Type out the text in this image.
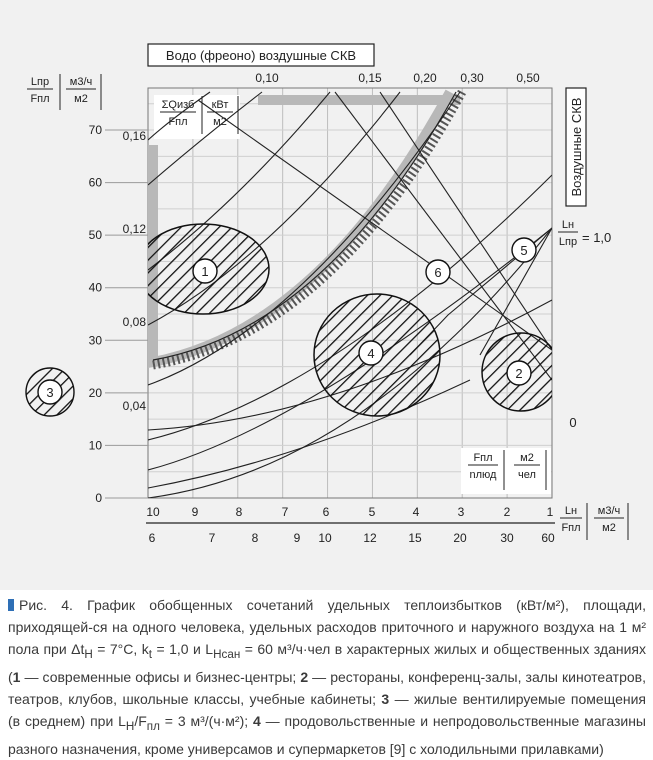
Водо (фреоно) воздушные СКВ
Воздушные СКВ
0,10	0,15	0,20 0,30	0,50
0
10
20
30
40
50
60
70
0,04
0,08
0,12
0,16
Lпр
Fпл
м3/ч
м2	ΣQизб
Fпл
кВт
м2
10	9	8	7	6	5	4	3	2	1
6	7	8	9 10	12	15	20	30 60
Lн
Fпл
м3/ч
м2
Fпл
nлюд
м2
чел
Lн
Lпр = 1,0
1
4
2
6
5
3
0
Рис. 4. График обобщенных сочетаний удельных теплоизбытков (кВт/м²), площади, приходящей-ся на одного человека, удельных расходов приточного и наружного воздуха на 1 м² пола при $\Delta t_Н = 7^\circ С$, $k_t = 1,0$ и $L_{Нсан} = 60$ м³/ч·чел в характерных жилых и общественных зданиях (1 — современные офисы и бизнес-центры; 2 — рестораны, конференц-залы, залы кинотеатров, театров, клубов, школьные классы, учебные кабинеты; 3 — жилые вентилируемые помещения (в среднем) при $L_Н/F_{пл} = 3$ м³/(ч·м²); 4 — продовольственные и непродовольственные магазины разного назначения, кроме универсамов и супермаркетов [9] с холодильными прилавками)
